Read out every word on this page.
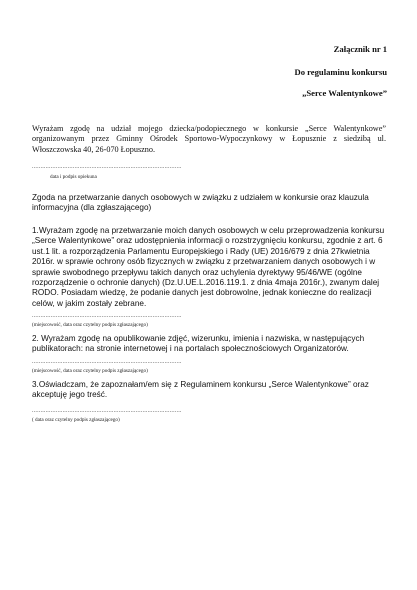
Załącznik nr 1
Do regulaminu konkursu
„Serce Walentynkowe”

Wyrażam zgodę na udział mojego dziecka/podopiecznego w konkursie „Serce Walentynkowe” organizowanym przez Gminny Ośrodek Sportowo-Wypoczynkowy w Łopusznie z siedzibą ul. Włoszczowska 40, 26-070 Łopuszno.

........................................................................................
data i podpis opiekuna

Zgoda na przetwarzanie danych osobowych w związku z udziałem w konkursie oraz klauzula informacyjna (dla zgłaszającego)

1.Wyrażam zgodę na przetwarzanie moich danych osobowych w celu przeprowadzenia konkursu „Serce Walentynkowe” oraz udostępnienia informacji o rozstrzygnięciu konkursu, zgodnie z art. 6 ust.1 lit. a rozporządzenia Parlamentu Europejskiego i Rady (UE) 2016/679 z dnia 27kwietnia 2016r. w sprawie ochrony osób fizycznych w związku z przetwarzaniem danych osobowych i w sprawie swobodnego przepływu takich danych oraz uchylenia dyrektywy 95/46/WE (ogólne rozporządzenie o ochronie danych) (Dz.U.UE.L.2016.119.1. z dnia 4maja 2016r.), zwanym dalej RODO. Posiadam wiedzę, że podanie danych jest dobrowolne, jednak konieczne do realizacji celów, w jakim zostały zebrane.

........................................................................................
(miejscowość, data oraz czytelny podpis zgłaszającego)

2. Wyrażam zgodę na opublikowanie zdjęć, wizerunku, imienia i nazwiska, w następujących publikatorach: na stronie internetowej i na portalach społecznościowych Organizatorów.

........................................................................................
(miejscowość, data oraz czytelny podpis zgłaszającego)

3.Oświadczam, że zapoznałam/em się z Regulaminem konkursu „Serce Walentynkowe” oraz akceptuję jego treść.

........................................................................................
( data oraz czytelny podpis zgłaszającego)
